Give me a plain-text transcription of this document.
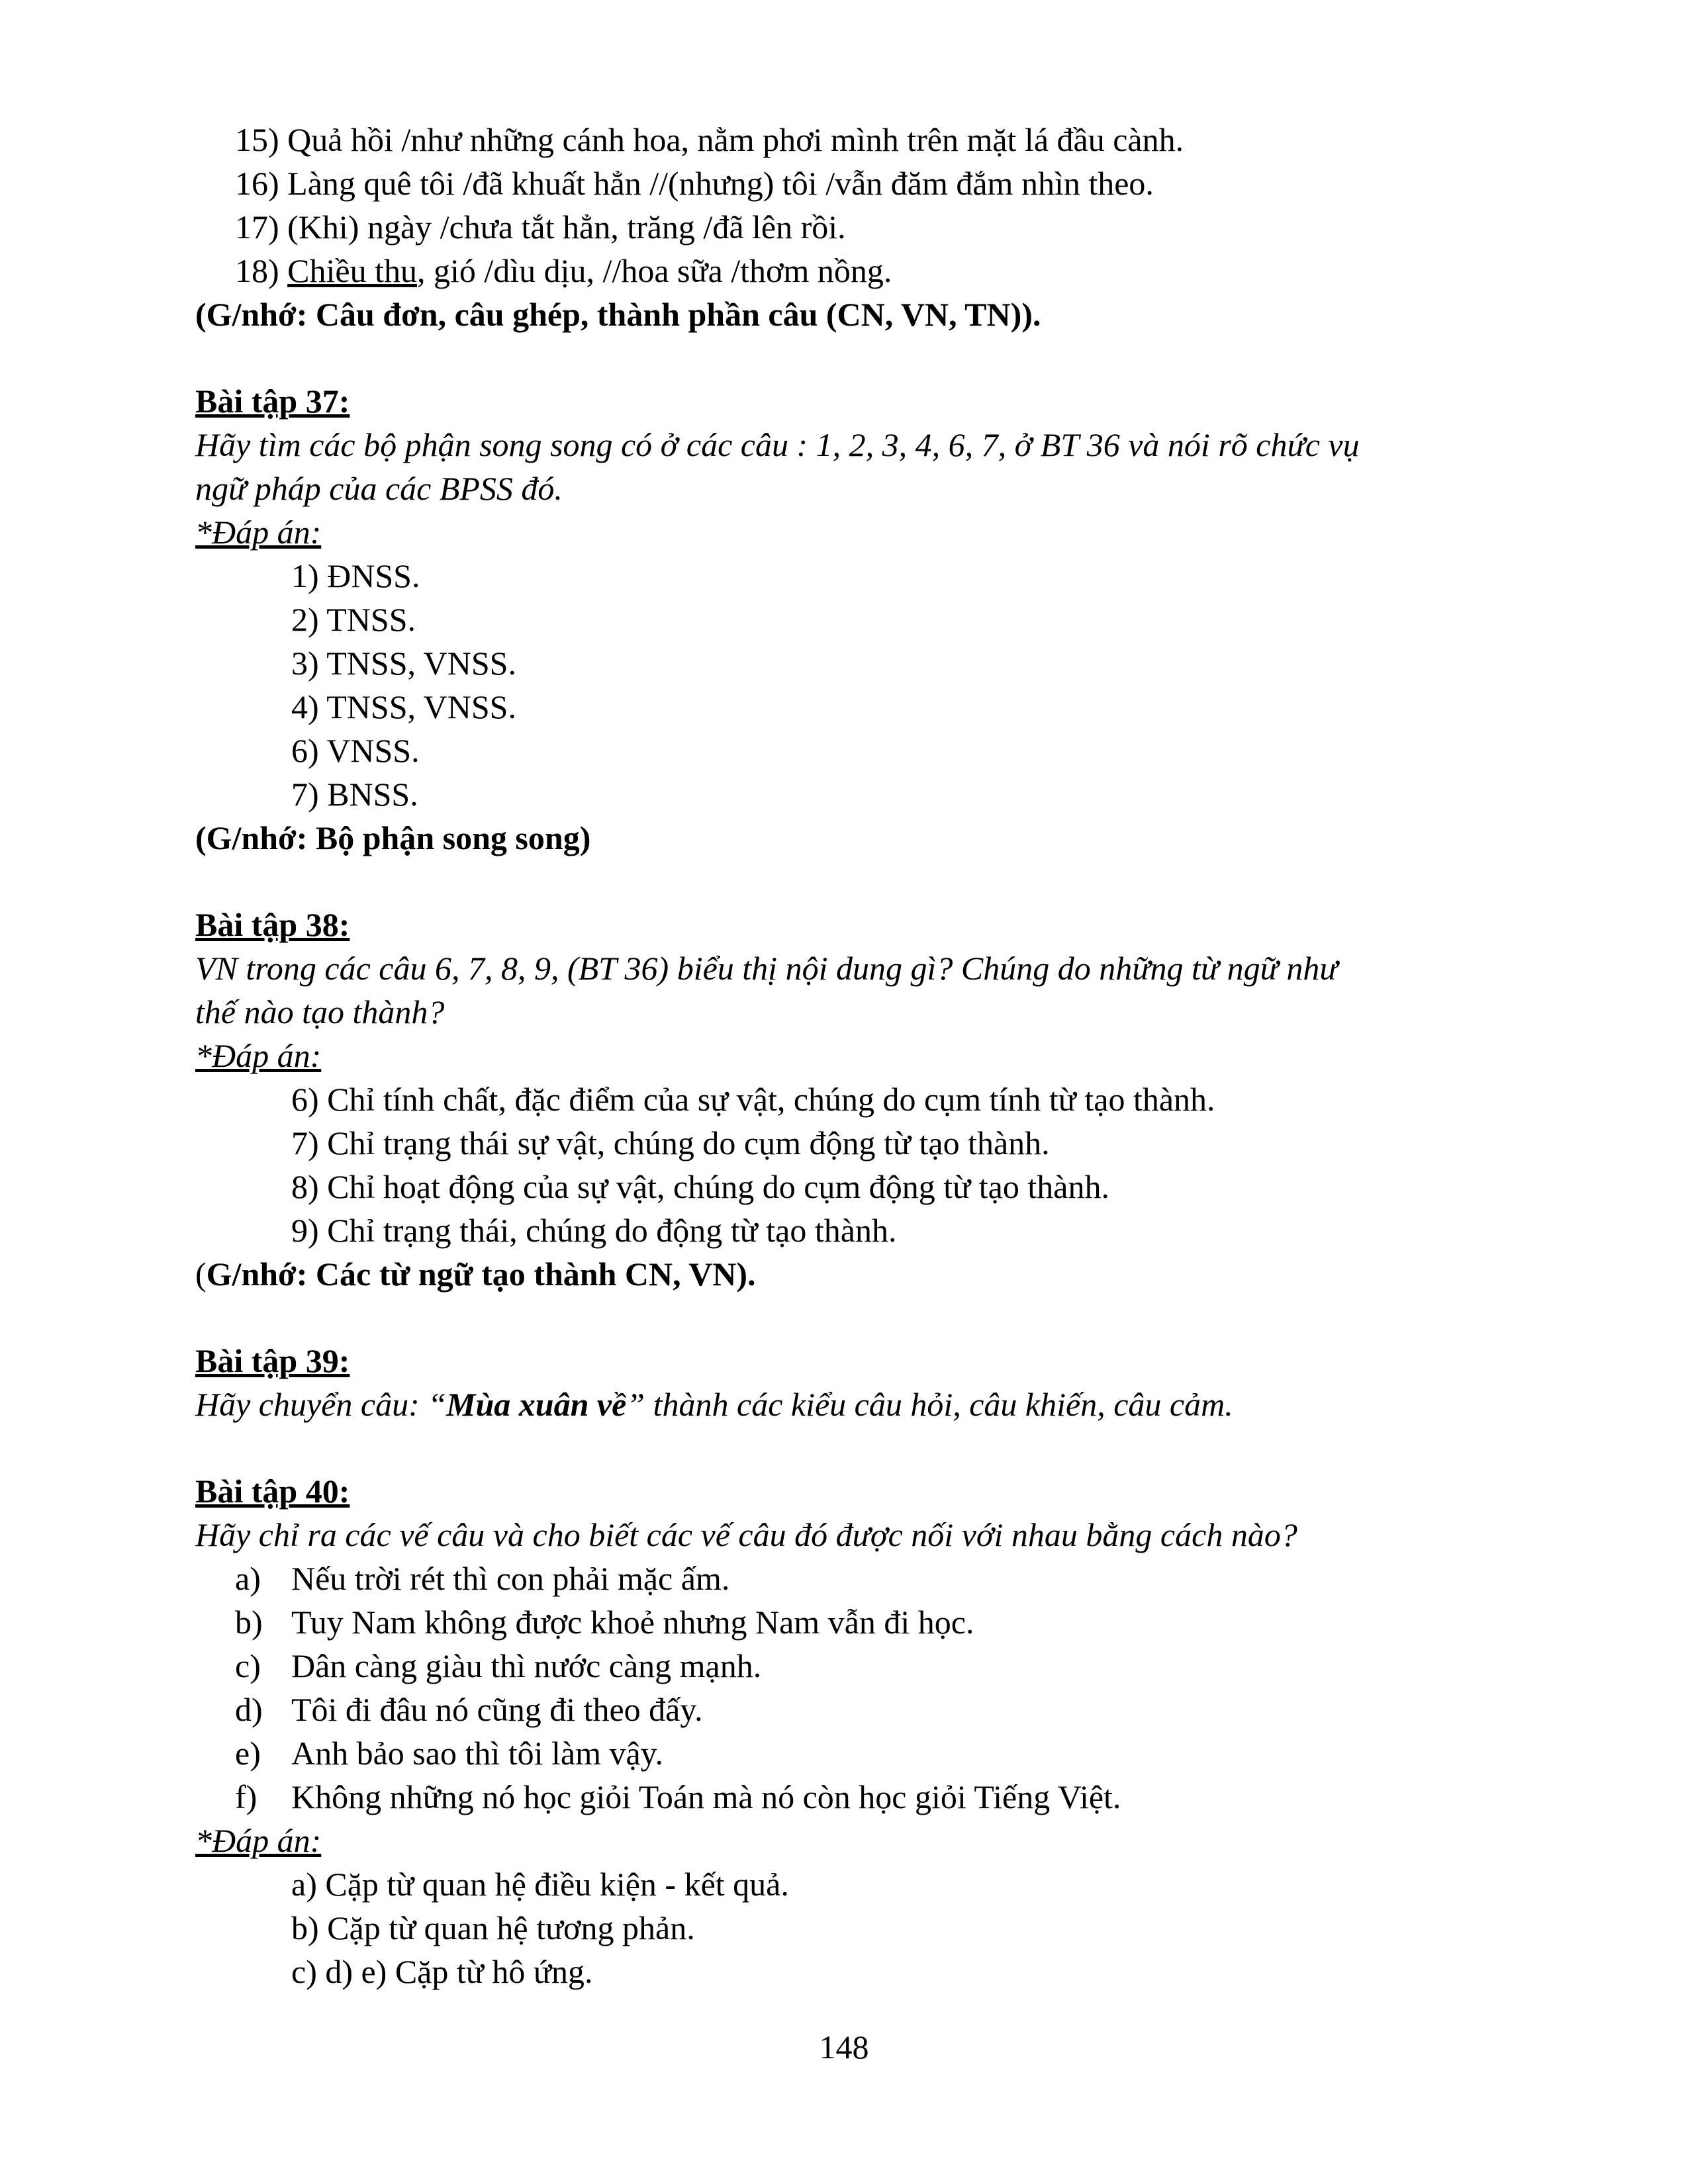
15) Quả hồi /như những cánh hoa, nằm phơi mình trên mặt lá đầu cành.
16) Làng quê tôi /đã khuất hẳn //(nhưng) tôi /vẫn đăm đắm nhìn theo.
17) (Khi) ngày /chưa tắt hẳn, trăng /đã lên rồi.
18) Chiều thu, gió /dìu dịu, //hoa sữa /thơm nồng.
(G/nhớ: Câu đơn, câu ghép, thành phần câu (CN, VN, TN)).
Bài tập 37:
Hãy tìm các bộ phận song song có ở các câu : 1, 2, 3, 4, 6, 7, ở BT 36 và nói rõ chức vụ
ngữ pháp của các BPSS đó.
*Đáp án:
1) ĐNSS.
2) TNSS.
3) TNSS, VNSS.
4) TNSS, VNSS.
6) VNSS.
7) BNSS.
(G/nhớ: Bộ phận song song)
Bài tập 38:
VN trong các câu 6, 7, 8, 9, (BT 36) biểu thị nội dung gì? Chúng do những từ ngữ như
thế nào tạo thành?
*Đáp án:
6) Chỉ tính chất, đặc điểm của sự vật, chúng do cụm tính từ tạo thành.
7) Chỉ trạng thái sự vật, chúng do cụm động từ tạo thành.
8) Chỉ hoạt động của sự vật, chúng do cụm động từ tạo thành.
9) Chỉ trạng thái, chúng do động từ tạo thành.
(G/nhớ: Các từ ngữ tạo thành CN, VN).
Bài tập 39:
Hãy chuyển câu: “Mùa xuân về” thành các kiểu câu hỏi, câu khiến, câu cảm.
Bài tập 40:
Hãy chỉ ra các vế câu và cho biết các vế câu đó được nối với nhau bằng cách nào?
a) Nếu trời rét thì con phải mặc ấm.
b) Tuy Nam không được khoẻ nhưng Nam vẫn đi học.
c) Dân càng giàu thì nước càng mạnh.
d) Tôi đi đâu nó cũng đi theo đấy.
e) Anh bảo sao thì tôi làm vậy.
f) Không những nó học giỏi Toán mà nó còn học giỏi Tiếng Việt.
*Đáp án:
a) Cặp từ quan hệ điều kiện - kết quả.
b) Cặp từ quan hệ tương phản.
c) d) e) Cặp từ hô ứng.
148
